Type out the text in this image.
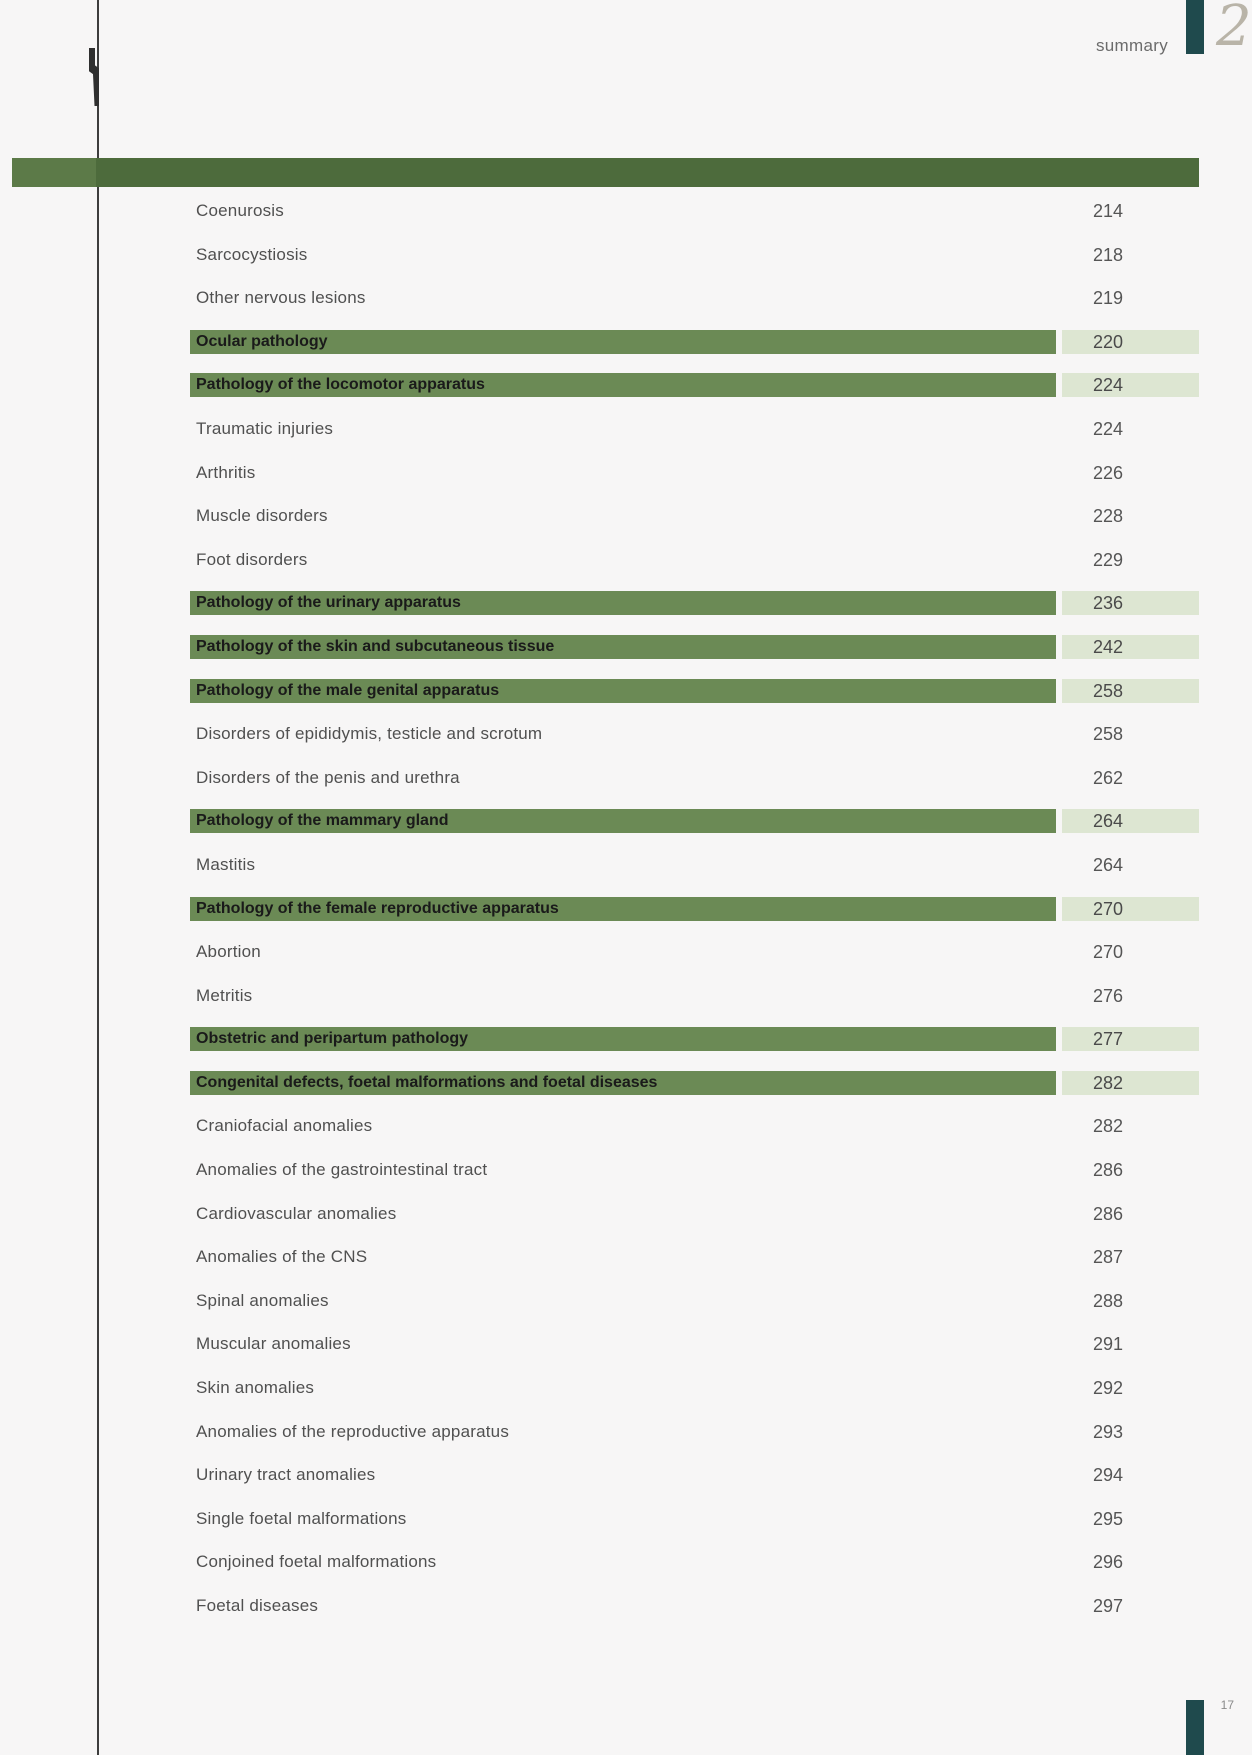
summary 2
Coenurosis	214
Sarcocystiosis	218
Other nervous lesions	219
Ocular pathology	220
Pathology of the locomotor apparatus	224
Traumatic injuries	224
Arthritis	226
Muscle disorders	228
Foot disorders	229
Pathology of the urinary apparatus	236
Pathology of the skin and subcutaneous tissue	242
Pathology of the male genital apparatus	258
Disorders of epididymis, testicle and scrotum	258
Disorders of the penis and urethra	262
Pathology of the mammary gland	264
Mastitis	264
Pathology of the female reproductive apparatus	270
Abortion	270
Metritis	276
Obstetric and peripartum pathology	277
Congenital defects, foetal malformations and foetal diseases	282
Craniofacial anomalies	282
Anomalies of the gastrointestinal tract	286
Cardiovascular anomalies	286
Anomalies of the CNS	287
Spinal anomalies	288
Muscular anomalies	291
Skin anomalies	292
Anomalies of the reproductive apparatus	293
Urinary tract anomalies	294
Single foetal malformations	295
Conjoined foetal malformations	296
Foetal diseases	297
17
